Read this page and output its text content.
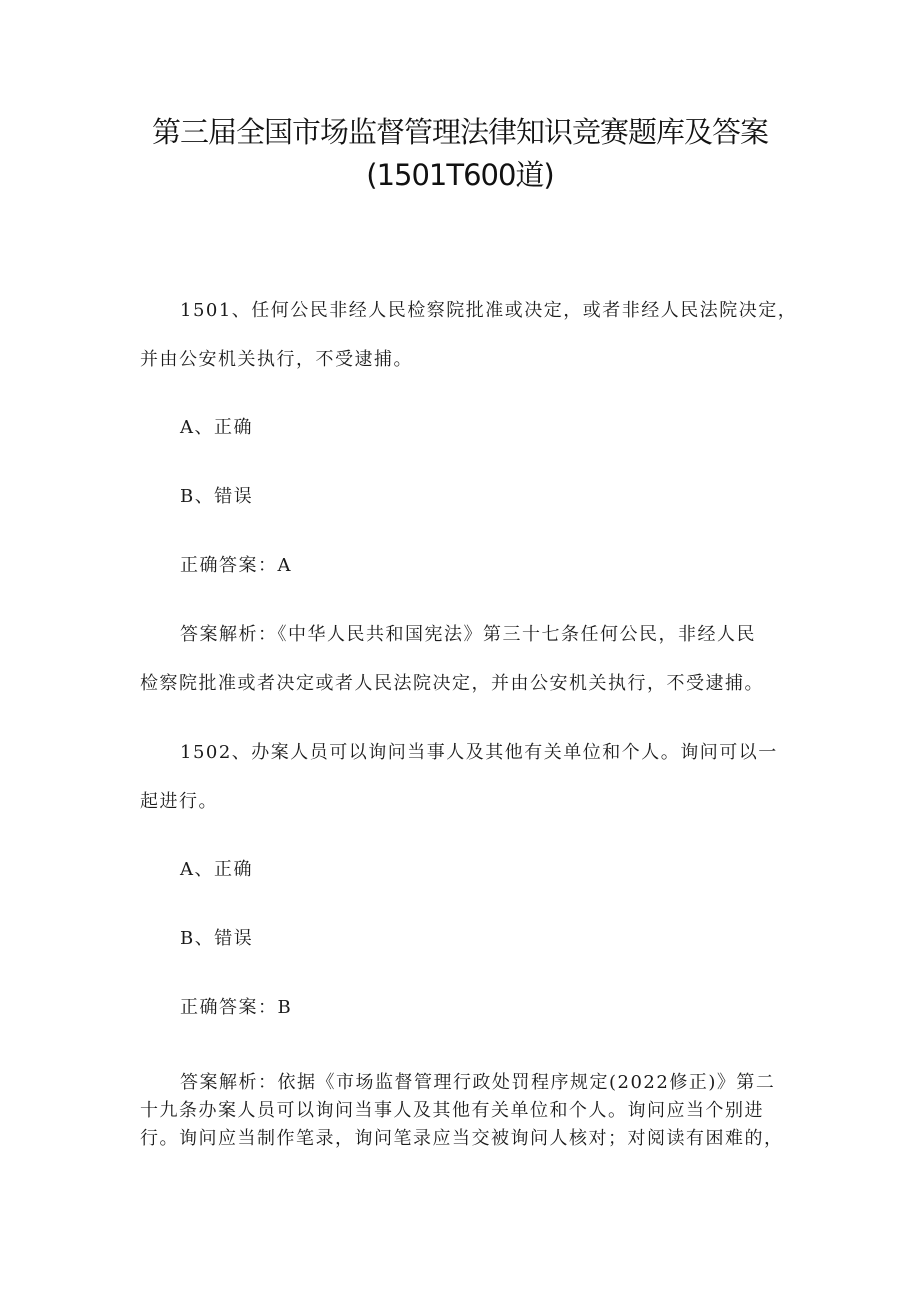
第三届全国市场监督管理法律知识竞赛题库及答案
(1501T600道)
1501、任何公民非经人民检察院批准或决定，或者非经人民法院决定，
并由公安机关执行，不受逮捕。
A、正确
B、错误
正确答案：A
答案解析：《中华人民共和国宪法》第三十七条任何公民，非经人民
检察院批准或者决定或者人民法院决定，并由公安机关执行，不受逮捕。
1502、办案人员可以询问当事人及其他有关单位和个人。询问可以一
起进行。
A、正确
B、错误
正确答案：B
答案解析：依据《市场监督管理行政处罚程序规定(2022修正)》第二
十九条办案人员可以询问当事人及其他有关单位和个人。询问应当个别进
行。询问应当制作笔录，询问笔录应当交被询问人核对；对阅读有困难的，
